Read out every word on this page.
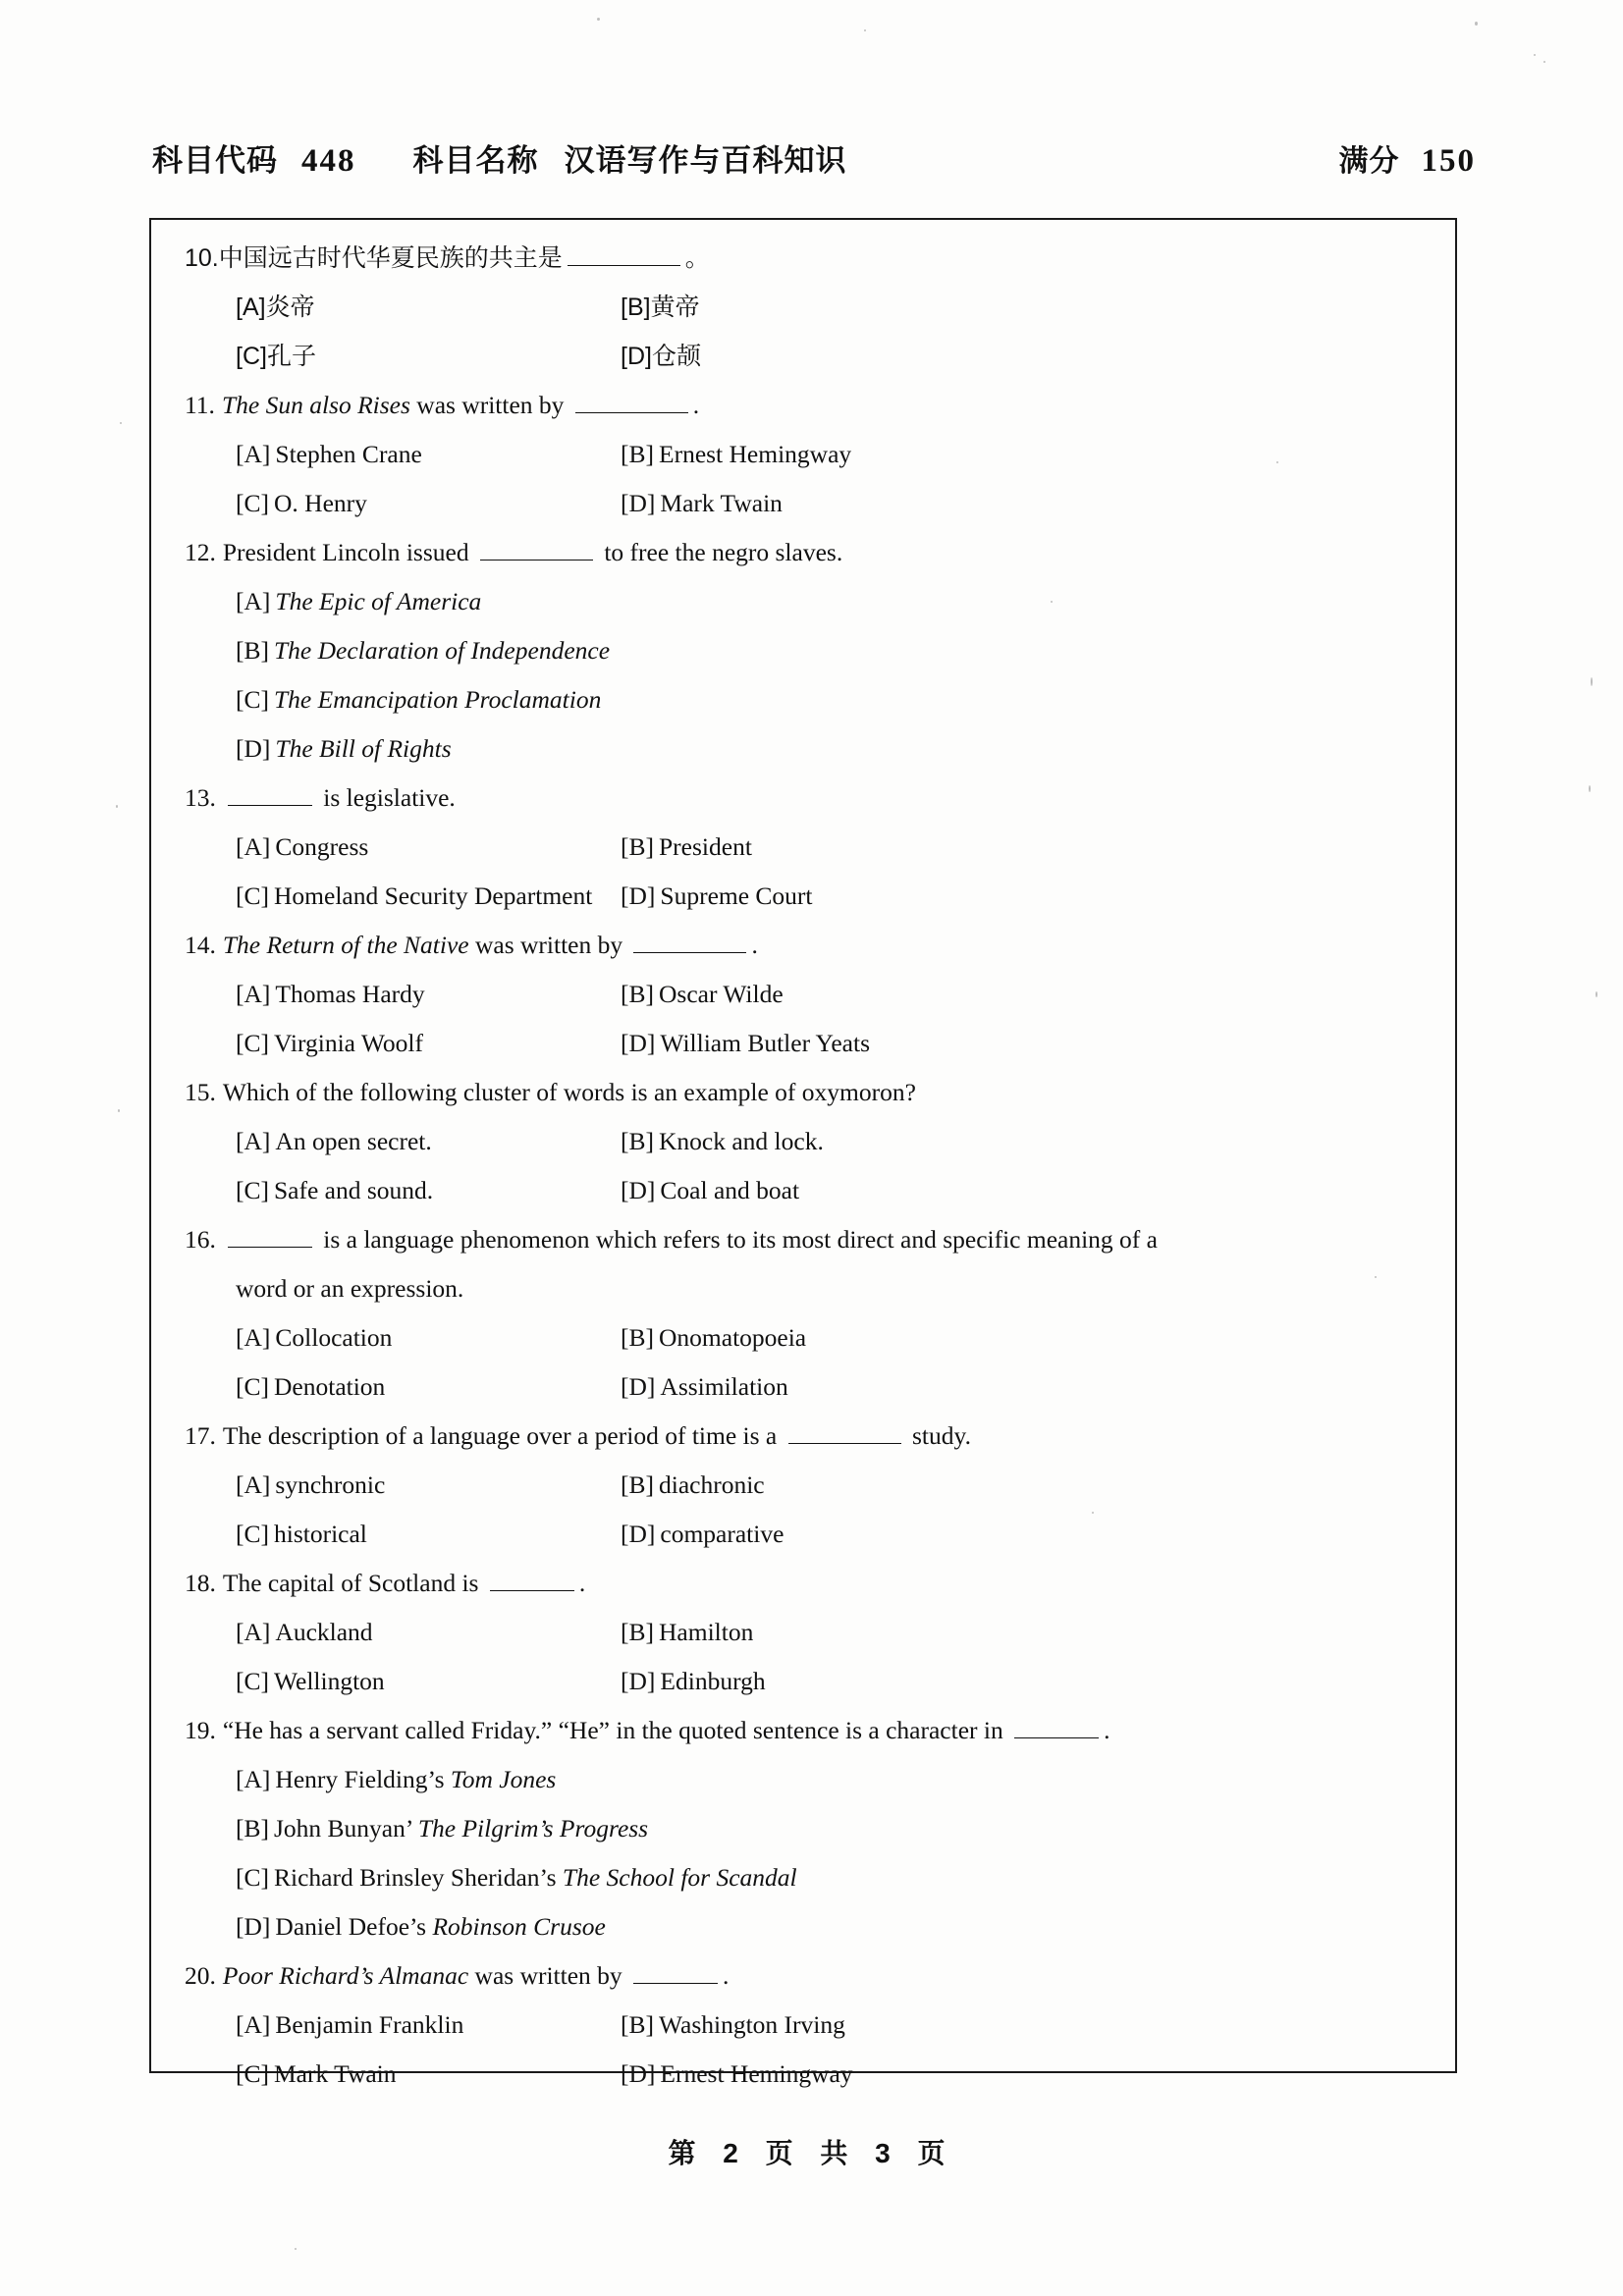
科目代码 448 科目名称 汉语写作与百科知识	满分 150
10.中国远古时代华夏民族的共主是	。
[A]炎帝	[B]黄帝
[C]孔子	[D]仓颉
11. The Sun also Rises was written by	.
[A] Stephen Crane	[B] Ernest Hemingway
[C] O. Henry	[D] Mark Twain
12. President Lincoln issued	to free the negro slaves.
[A] The Epic of America
[B] The Declaration of Independence
[C] The Emancipation Proclamation
[D] The Bill of Rights
13.	is legislative.
[A] Congress	[B] President
[C] Homeland Security Department	[D] Supreme Court
14. The Return of the Native was written by	.
[A] Thomas Hardy	[B] Oscar Wilde
[C] Virginia Woolf	[D] William Butler Yeats
15. Which of the following cluster of words is an example of oxymoron?
[A] An open secret.	[B] Knock and lock.
[C] Safe and sound.	[D] Coal and boat
16.	is a language phenomenon which refers to its most direct and specific meaning of a
word or an expression.
[A] Collocation	[B] Onomatopoeia
[C] Denotation	[D] Assimilation
17. The description of a language over a period of time is a	study.
[A] synchronic	[B] diachronic
[C] historical	[D] comparative
18. The capital of Scotland is	.
[A] Auckland	[B] Hamilton
[C] Wellington	[D] Edinburgh
19. “He has a servant called Friday.” “He” in the quoted sentence is a character in	.
[A] Henry Fielding’s Tom Jones
[B] John Bunyan’ The Pilgrim’s Progress
[C] Richard Brinsley Sheridan’s The School for Scandal
[D] Daniel Defoe’s Robinson Crusoe
20. Poor Richard’s Almanac was written by	.
[A] Benjamin Franklin	[B] Washington Irving
[C] Mark Twain	[D] Ernest Hemingway
第 2 页 共 3 页
